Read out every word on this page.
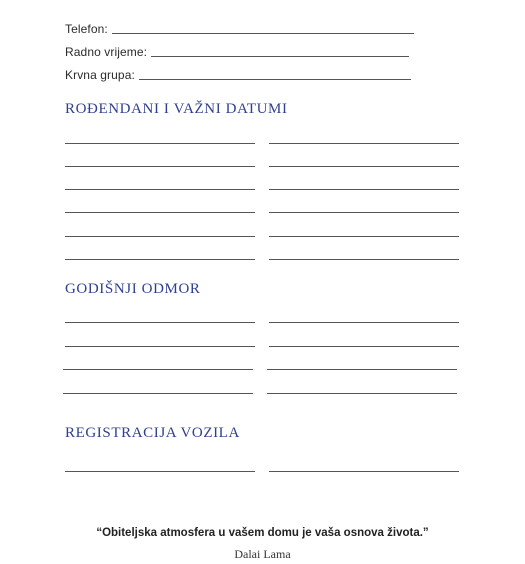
Telefon:
Radno vrijeme:
Krvna grupa:
ROĐENDANI I VAŽNI DATUMI
GODIŠNJI ODMOR
REGISTRACIJA VOZILA
“Obiteljska atmosfera u vašem domu je vaša osnova života.”
Dalai Lama
